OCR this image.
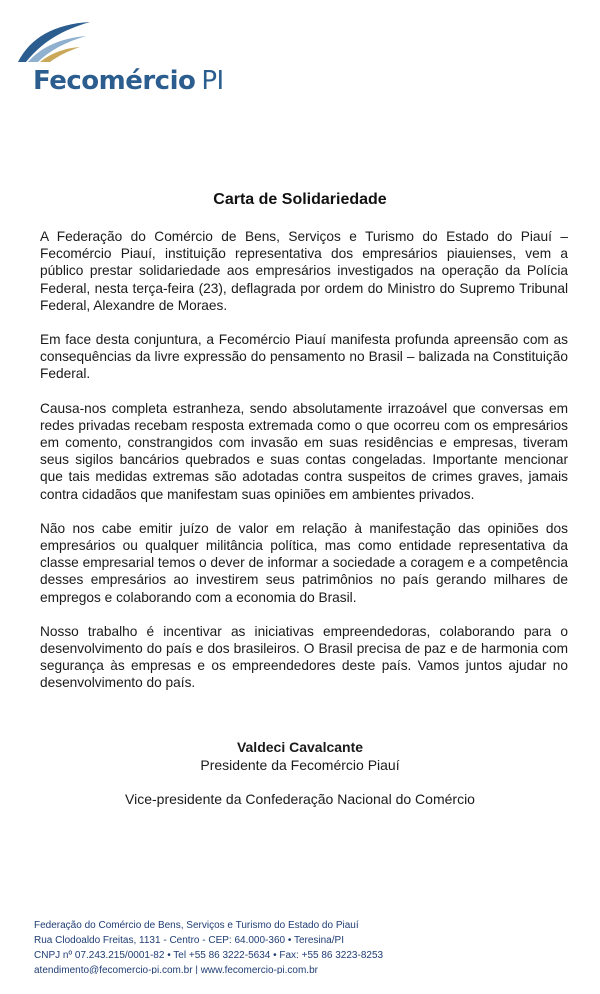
Fecomércio PI
Carta de Solidariedade

A Federação do Comércio de Bens, Serviços e Turismo do Estado do Piauí – Fecomércio Piauí, instituição representativa dos empresários piauienses, vem a público prestar solidariedade aos empresários investigados na operação da Polícia Federal, nesta terça-feira (23), deflagrada por ordem do Ministro do Supremo Tribunal Federal, Alexandre de Moraes.

Em face desta conjuntura, a Fecomércio Piauí manifesta profunda apreensão com as consequências da livre expressão do pensamento no Brasil – balizada na Constituição Federal.

Causa-nos completa estranheza, sendo absolutamente irrazoável que conversas em redes privadas recebam resposta extremada como o que ocorreu com os empresários em comento, constrangidos com invasão em suas residências e empresas, tiveram seus sigilos bancários quebrados e suas contas congeladas. Importante mencionar que tais medidas extremas são adotadas contra suspeitos de crimes graves, jamais contra cidadãos que manifestam suas opiniões em ambientes privados.

Não nos cabe emitir juízo de valor em relação à manifestação das opiniões dos empresários ou qualquer militância política, mas como entidade representativa da classe empresarial temos o dever de informar a sociedade a coragem e a competência desses empresários ao investirem seus patrimônios no país gerando milhares de empregos e colaborando com a economia do Brasil.

Nosso trabalho é incentivar as iniciativas empreendedoras, colaborando para o desenvolvimento do país e dos brasileiros. O Brasil precisa de paz e de harmonia com segurança às empresas e os empreendedores deste país. Vamos juntos ajudar no desenvolvimento do país.

Valdeci Cavalcante
Presidente da Fecomércio Piauí
Vice-presidente da Confederação Nacional do Comércio
Federação do Comércio de Bens, Serviços e Turismo do Estado do Piauí
Rua Clodoaldo Freitas, 1131 - Centro - CEP: 64.000-360 • Teresina/PI
CNPJ nº 07.243.215/0001-82 • Tel +55 86 3222-5634 • Fax: +55 86 3223-8253
atendimento@fecomercio-pi.com.br | www.fecomercio-pi.com.br
